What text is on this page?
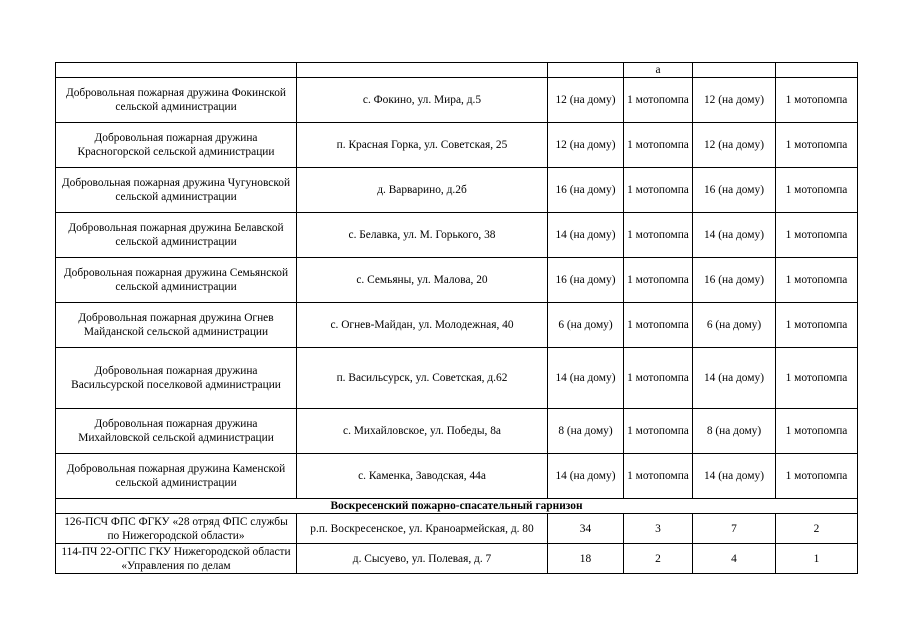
			а		
Добровольная пожарная дружина Фокинской сельской администрации	с. Фокино, ул. Мира, д.5	12 (на дому)	1 мотопомпа	12 (на дому)	1 мотопомпа
Добровольная пожарная дружина Красногорской сельской администрации	п. Красная Горка, ул. Советская, 25	12 (на дому)	1 мотопомпа	12 (на дому)	1 мотопомпа
Добровольная пожарная дружина Чугуновской сельской администрации	д. Варварино, д.2б	16 (на дому)	1 мотопомпа	16 (на дому)	1 мотопомпа
Добровольная пожарная дружина Белавской сельской администрации	с. Белавка, ул. М. Горького, 38	14 (на дому)	1 мотопомпа	14 (на дому)	1 мотопомпа
Добровольная пожарная дружина Семьянской сельской администрации	с. Семьяны, ул. Малова, 20	16 (на дому)	1 мотопомпа	16 (на дому)	1 мотопомпа
Добровольная пожарная дружина Огнев Майданской сельской администрации	с. Огнев-Майдан, ул. Молодежная, 40	6 (на дому)	1 мотопомпа	6 (на дому)	1 мотопомпа
Добровольная пожарная дружина Васильсурской поселковой администрации	п. Васильсурск, ул. Советская, д.62	14 (на дому)	1 мотопомпа	14 (на дому)	1 мотопомпа
Добровольная пожарная дружина Михайловской сельской администрации	с. Михайловское, ул. Победы, 8а	8 (на дому)	1 мотопомпа	8 (на дому)	1 мотопомпа
Добровольная пожарная дружина Каменской сельской администрации	с. Каменка, Заводская, 44а	14 (на дому)	1 мотопомпа	14 (на дому)	1 мотопомпа
Воскресенский пожарно-спасательный гарнизон					
126-ПСЧ ФПС ФГКУ «28 отряд ФПС службы по Нижегородской области»	р.п. Воскресенское, ул. Краноармейская, д. 80	34	3	7	2
114-ПЧ 22-ОГПС ГКУ Нижегородской области «Управления по делам	д. Сысуево, ул. Полевая, д. 7	18	2	4	1
